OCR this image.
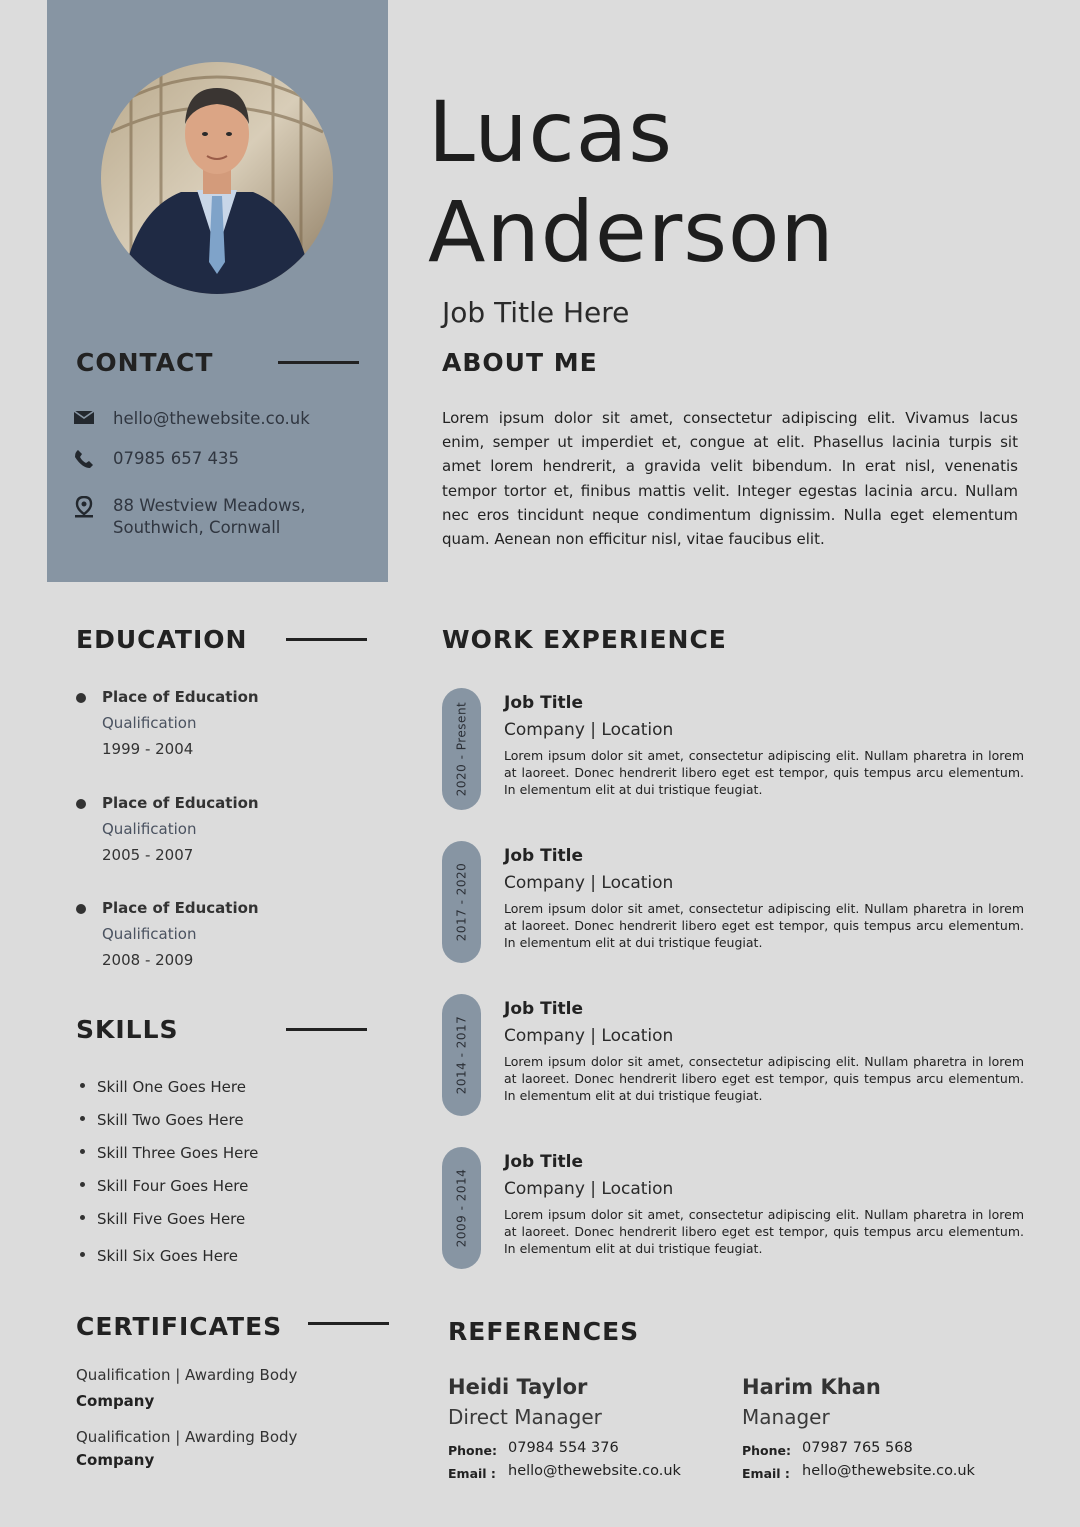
Lucas
Anderson
Job Title Here
CONTACT
hello@thewebsite.co.uk
07985 657 435
88 Westview Meadows,
Southwich, Cornwall
ABOUT ME
Lorem ipsum dolor sit amet, consectetur adipiscing elit. Vivamus lacus enim, semper ut imperdiet et, congue at elit. Phasellus lacinia turpis sit amet lorem hendrerit, a gravida velit bibendum. In erat nisl, venenatis tempor tortor et, finibus mattis velit. Integer egestas lacinia arcu. Nullam nec eros tincidunt neque condimentum dignissim. Nulla eget elementum quam. Aenean non efficitur nisl, vitae faucibus elit.
EDUCATION
Place of Education
Qualification
1999 - 2004
Place of Education
Qualification
2005 - 2007
Place of Education
Qualification
2008 - 2009
SKILLS
Skill One Goes Here
Skill Two Goes Here
Skill Three Goes Here
Skill Four Goes Here
Skill Five Goes Here
Skill Six Goes Here
CERTIFICATES
Qualification | Awarding Body
Company
Qualification | Awarding Body
Company
WORK EXPERIENCE
2020 - Present Job Title
Company | Location
Lorem ipsum dolor sit amet, consectetur adipiscing elit. Nullam pharetra in lorem at laoreet. Donec hendrerit libero eget est tempor, quis tempus arcu elementum. In elementum elit at dui tristique feugiat.
2017 - 2020
Job Title
Company | Location
Lorem ipsum dolor sit amet, consectetur adipiscing elit. Nullam pharetra in lorem at laoreet. Donec hendrerit libero eget est tempor, quis tempus arcu elementum. In elementum elit at dui tristique feugiat.
2014 - 2017
Job Title
Company | Location
Lorem ipsum dolor sit amet, consectetur adipiscing elit. Nullam pharetra in lorem at laoreet. Donec hendrerit libero eget est tempor, quis tempus arcu elementum. In elementum elit at dui tristique feugiat.
2009 - 2014
Job Title
Company | Location
Lorem ipsum dolor sit amet, consectetur adipiscing elit. Nullam pharetra in lorem at laoreet. Donec hendrerit libero eget est tempor, quis tempus arcu elementum. In elementum elit at dui tristique feugiat.
REFERENCES
Heidi Taylor
Direct Manager
Phone: 07984 554 376
Email : hello@thewebsite.co.uk
Harim Khan
Manager
Phone: 07987 765 568
Email : hello@thewebsite.co.uk
